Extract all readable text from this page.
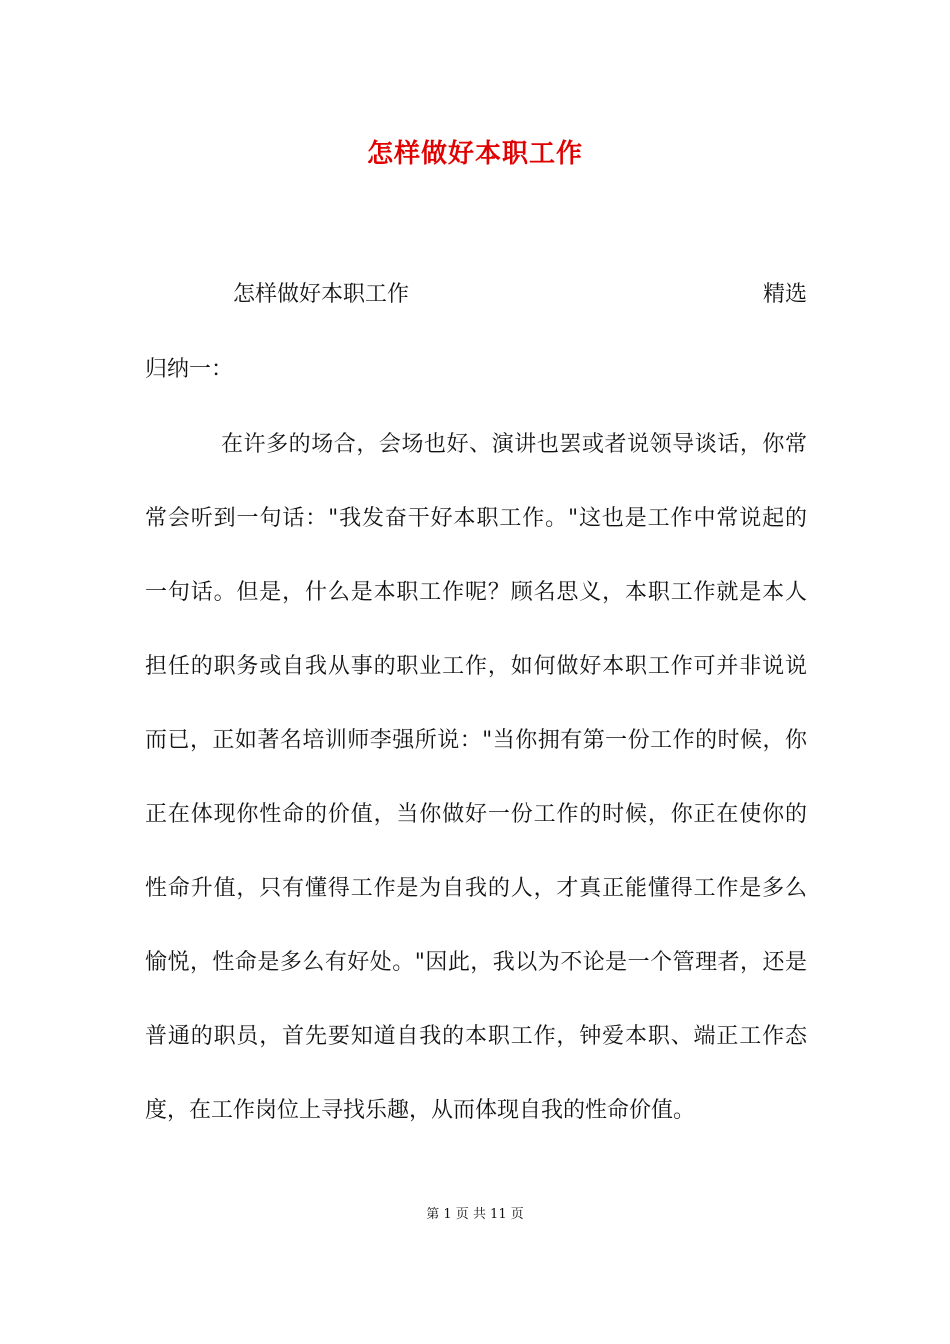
怎样做好本职工作
怎样做好本职工作	精选
归纳一：
在许多的场合，会场也好、演讲也罢或者说领导谈话，你常
常会听到一句话："我发奋干好本职工作。"这也是工作中常说起的
一句话。但是，什么是本职工作呢？顾名思义，本职工作就是本人
担任的职务或自我从事的职业工作，如何做好本职工作可并非说说
而已，正如著名培训师李强所说："当你拥有第一份工作的时候，你
正在体现你性命的价值，当你做好一份工作的时候，你正在使你的
性命升值，只有懂得工作是为自我的人，才真正能懂得工作是多么
愉悦，性命是多么有好处。"因此，我以为不论是一个管理者，还是
普通的职员，首先要知道自我的本职工作，钟爱本职、端正工作态
度，在工作岗位上寻找乐趣，从而体现自我的性命价值。
第 1 页 共 11 页
